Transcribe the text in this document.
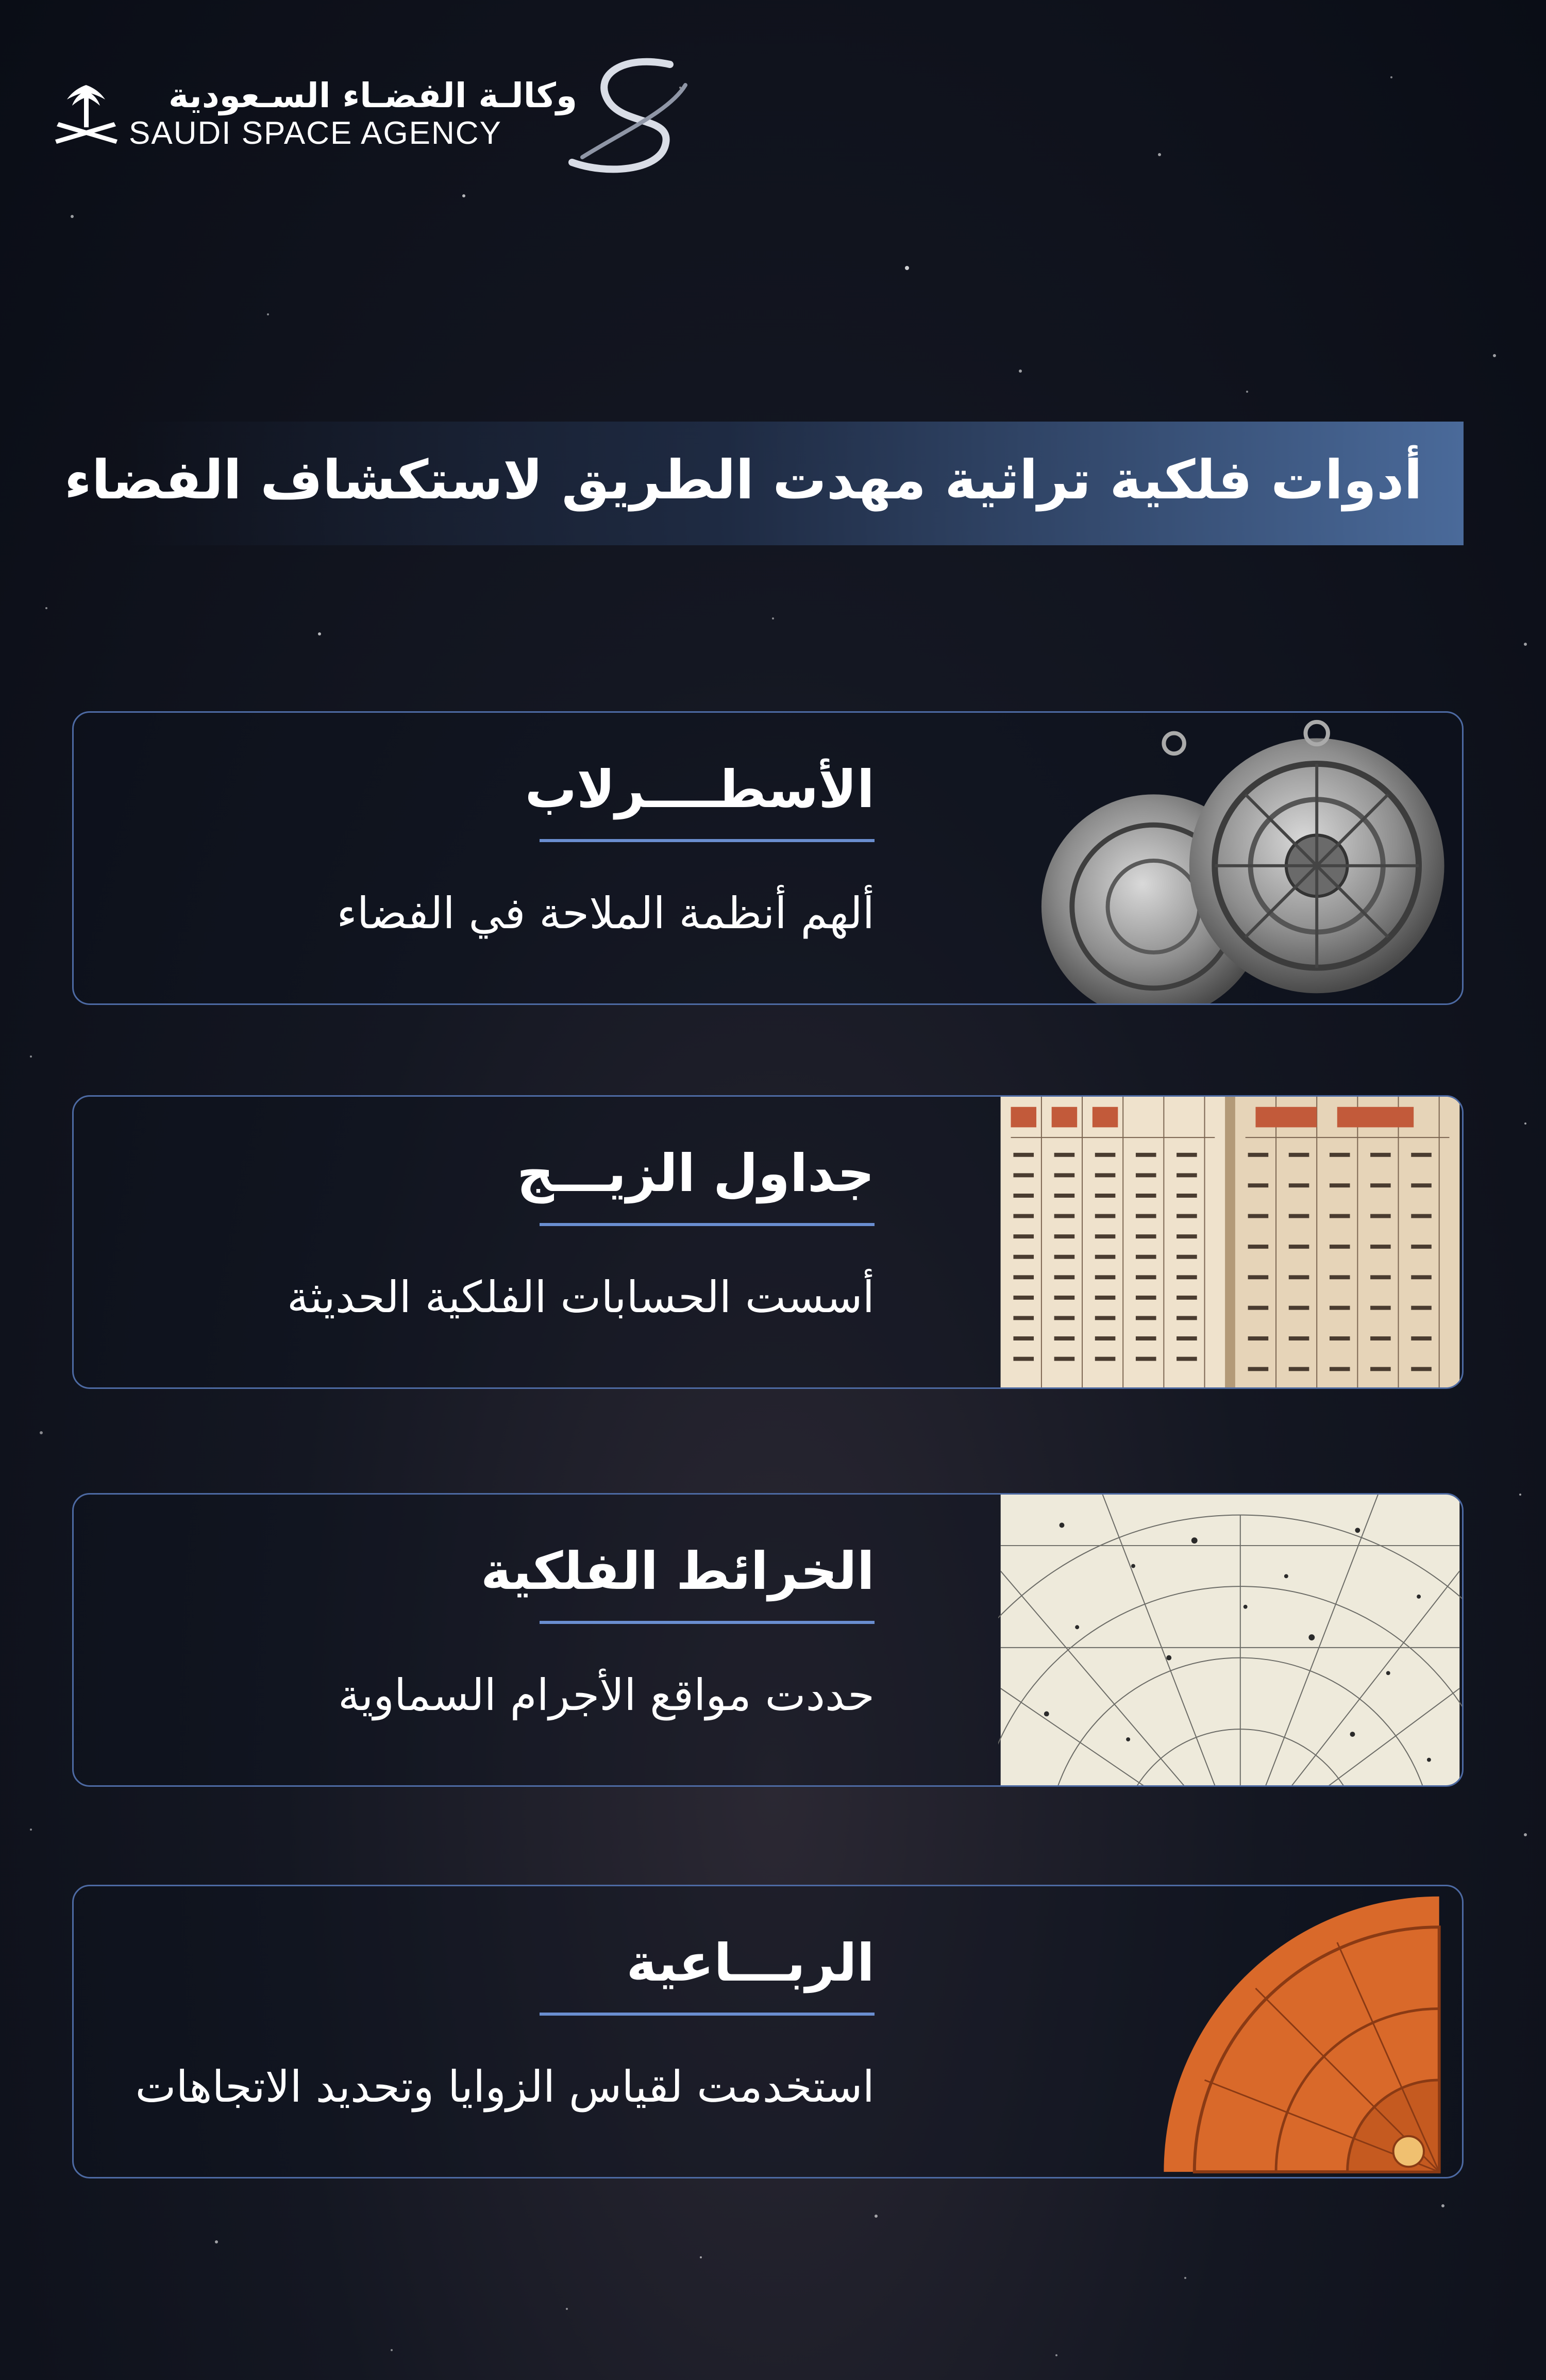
وكالـة الفضـاء السـعودية
SAUDI SPACE AGENCY
أدوات فلكية تراثية مهدت الطريق لاستكشاف الفضاء
الأسطــــرلاب
ألهم أنظمة الملاحة في الفضاء
جداول الزيـــج
أسست الحسابات الفلكية الحديثة
الخرائط الفلكية
حددت مواقع الأجرام السماوية
الربـــاعية
استخدمت لقياس الزوايا وتحديد الاتجاهات
